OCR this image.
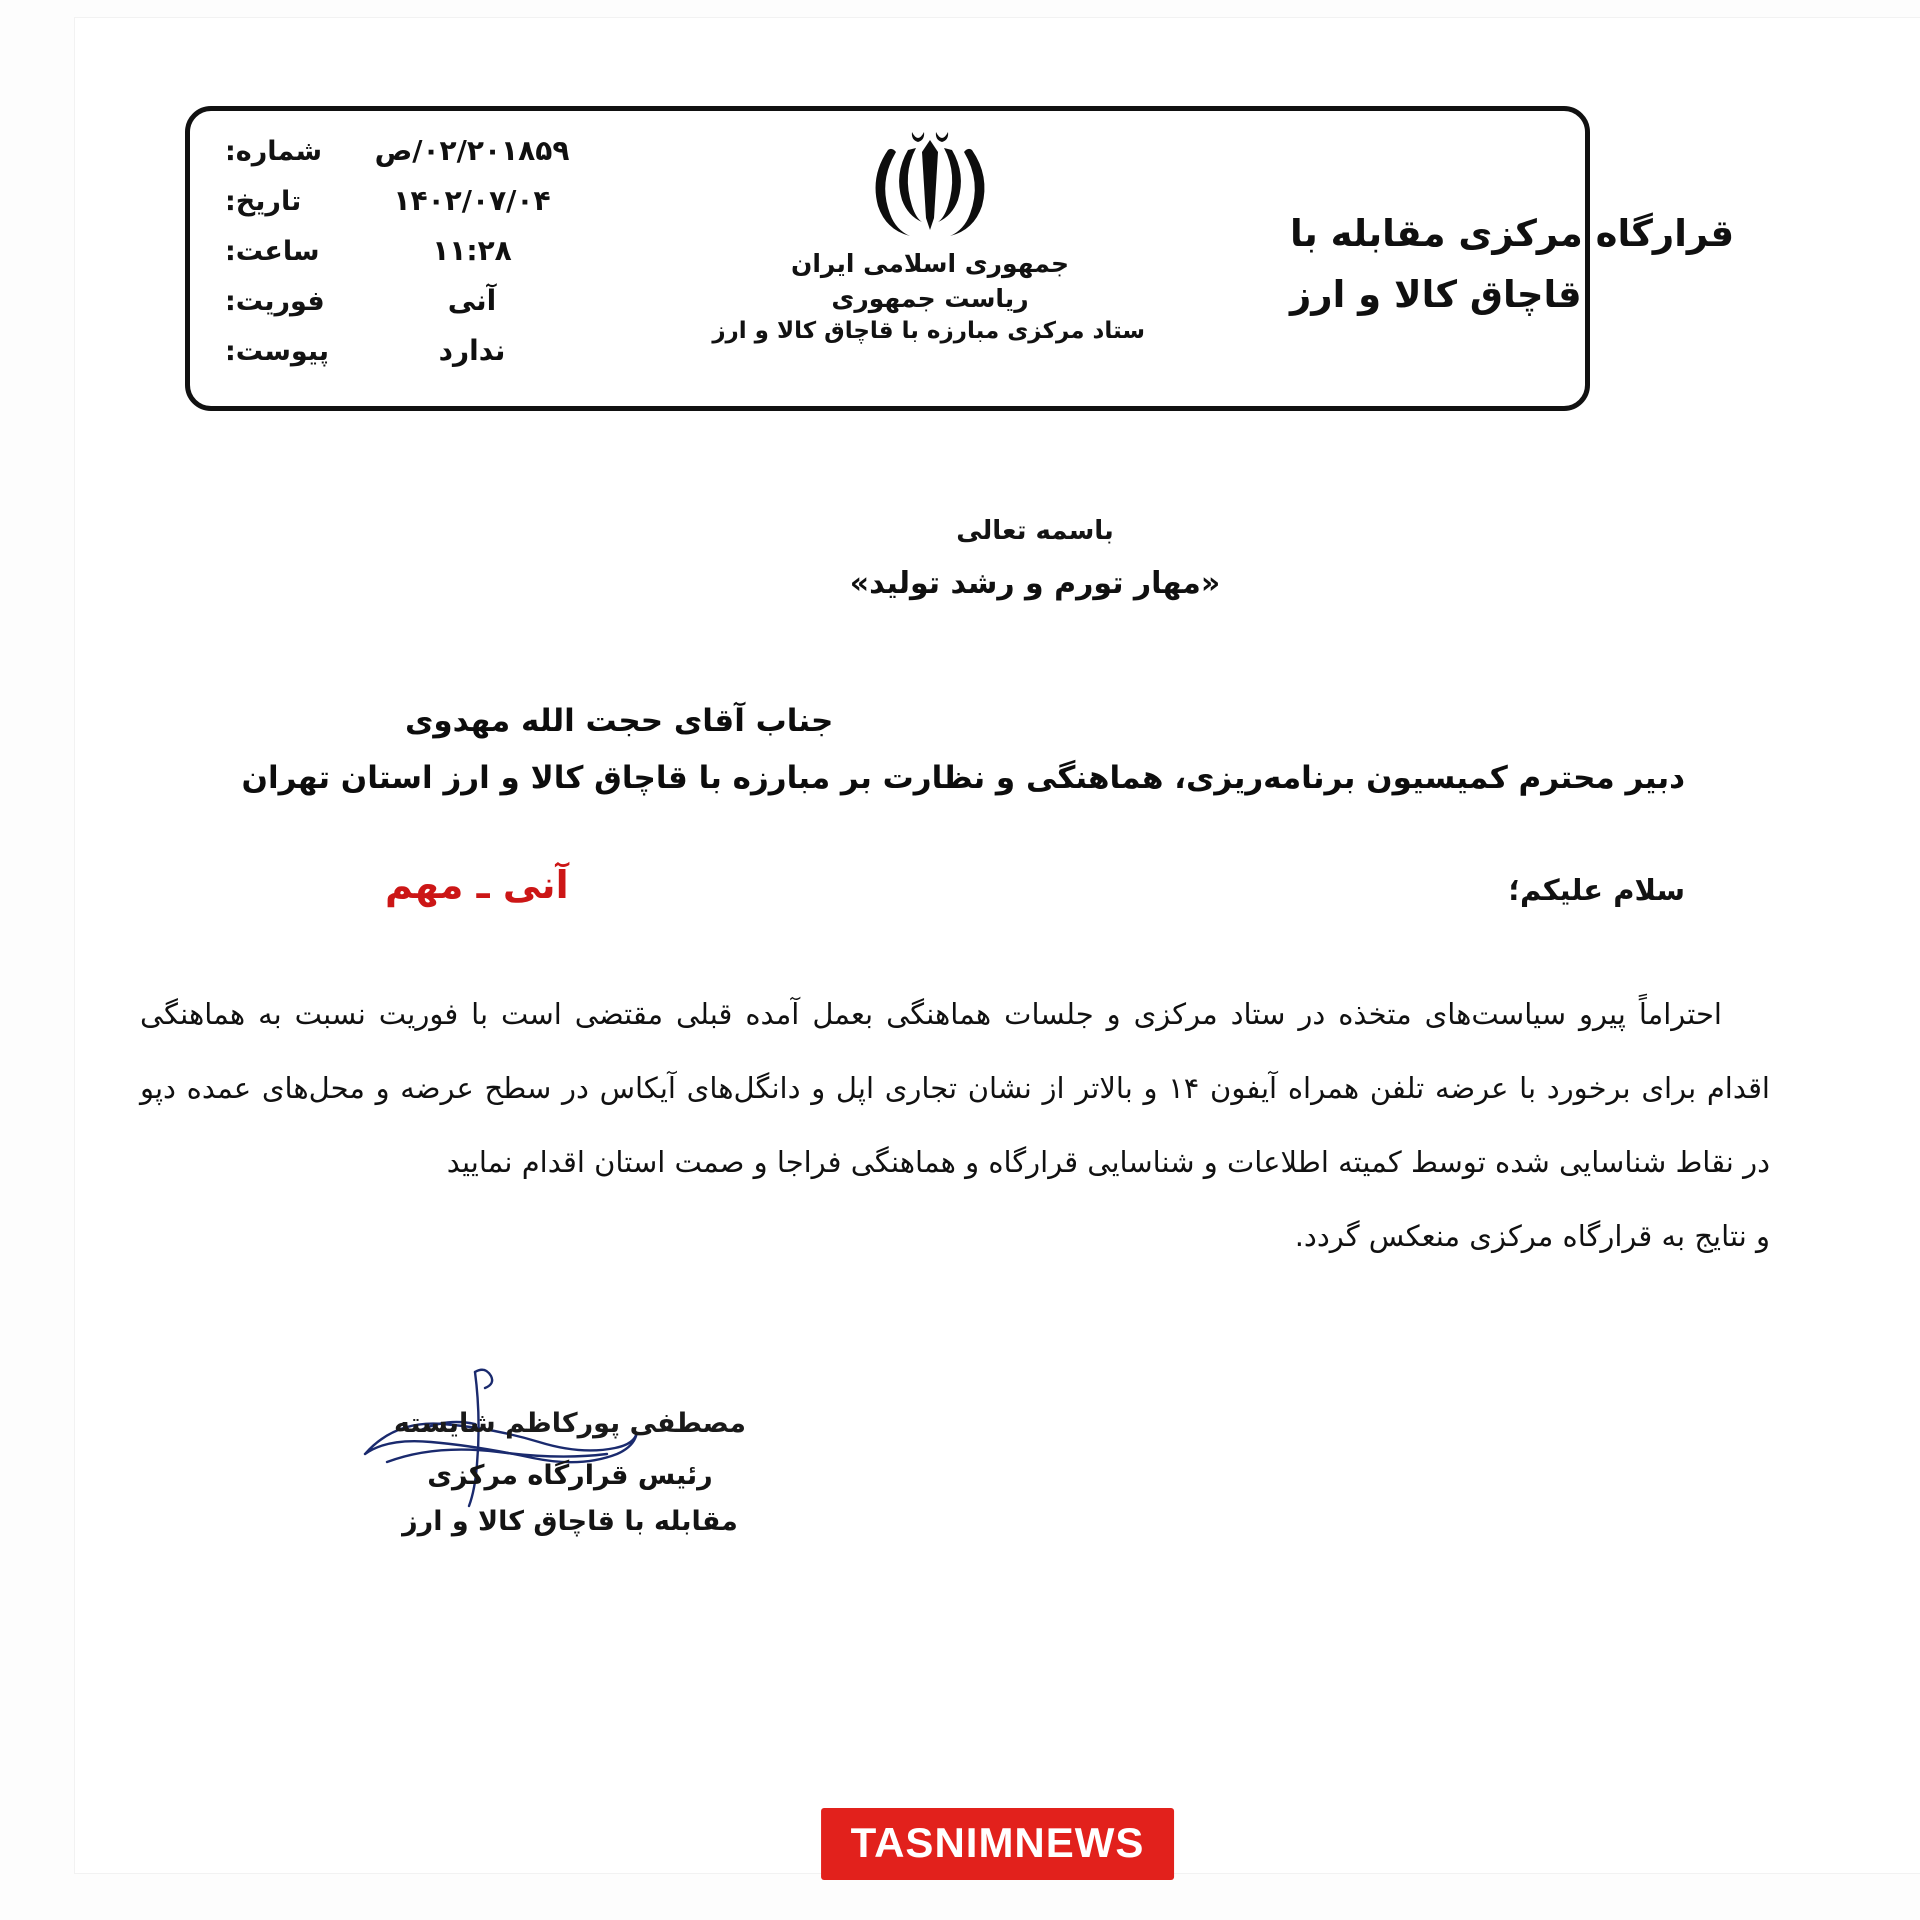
۰۲/۲۰۱۸۵۹/ص
شماره:
۱۴۰۲/۰۷/۰۴
تاریخ:
۱۱:۲۸
ساعت:
آنی
فوریت:
ندارد
پیوست:
جمهوری اسلامی ایران
ریاست جمهوری
ستاد مرکزی مبارزه با قاچاق کالا و ارز
قرارگاه مرکزی مقابله با
قاچاق کالا و ارز
باسمه تعالی
«مهار تورم و رشد تولید»
جناب آقای حجت الله مهدوی
دبیر محترم کمیسیون برنامه‌ریزی، هماهنگی و نظارت بر مبارزه با قاچاق کالا و ارز استان تهران
سلام علیکم؛
آنی ـ مهم

احتراماً پیرو سیاست‌های متخذه در ستاد مرکزی و جلسات هماهنگی بعمل آمده قبلی مقتضی است با فوریت نسبت به هماهنگی اقدام برای برخورد با عرضه تلفن همراه آیفون ۱۴ و بالاتر از نشان تجاری اپل و دانگل‌های آیکاس در سطح عرضه و محل‌های عمده دپو در نقاط شناسایی شده توسط کمیته اطلاعات و شناسایی قرارگاه و هماهنگی فراجا و صمت استان اقدام نمایید

و نتایج به قرارگاه مرکزی منعکس گردد.

مصطفی پورکاظم شایسته
رئیس قرارگاه مرکزی
مقابله با قاچاق کالا و ارز
TASNIMNEWS
